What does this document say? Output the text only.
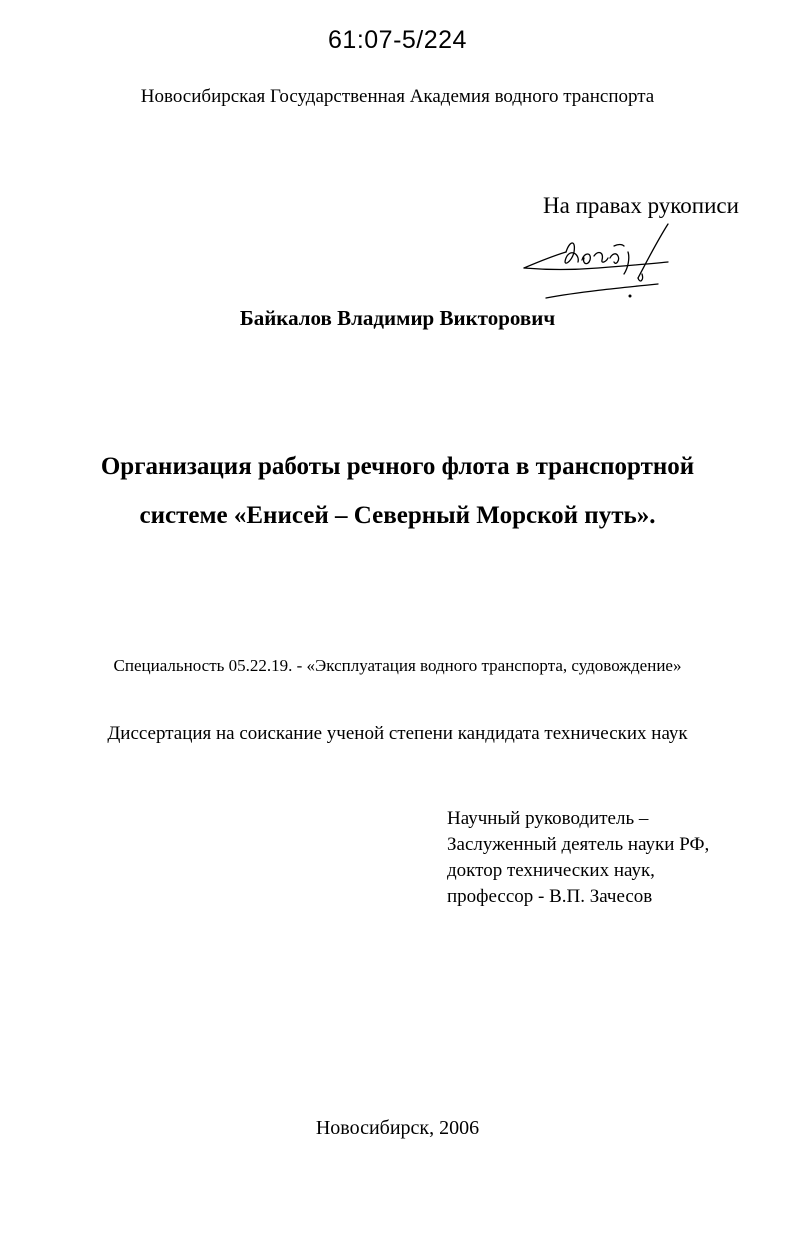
61:07-5/224
Новосибирская Государственная Академия водного транспорта
На правах рукописи
Байкалов Владимир Викторович
Организация работы речного флота в транспортной
системе «Енисей – Северный Морской путь».
Специальность 05.22.19. - «Эксплуатация водного транспорта, судовождение»
Диссертация на соискание ученой степени кандидата технических наук
Научный руководитель –
Заслуженный деятель науки РФ,
доктор технических наук,
профессор - В.П. Зачесов
Новосибирск, 2006
